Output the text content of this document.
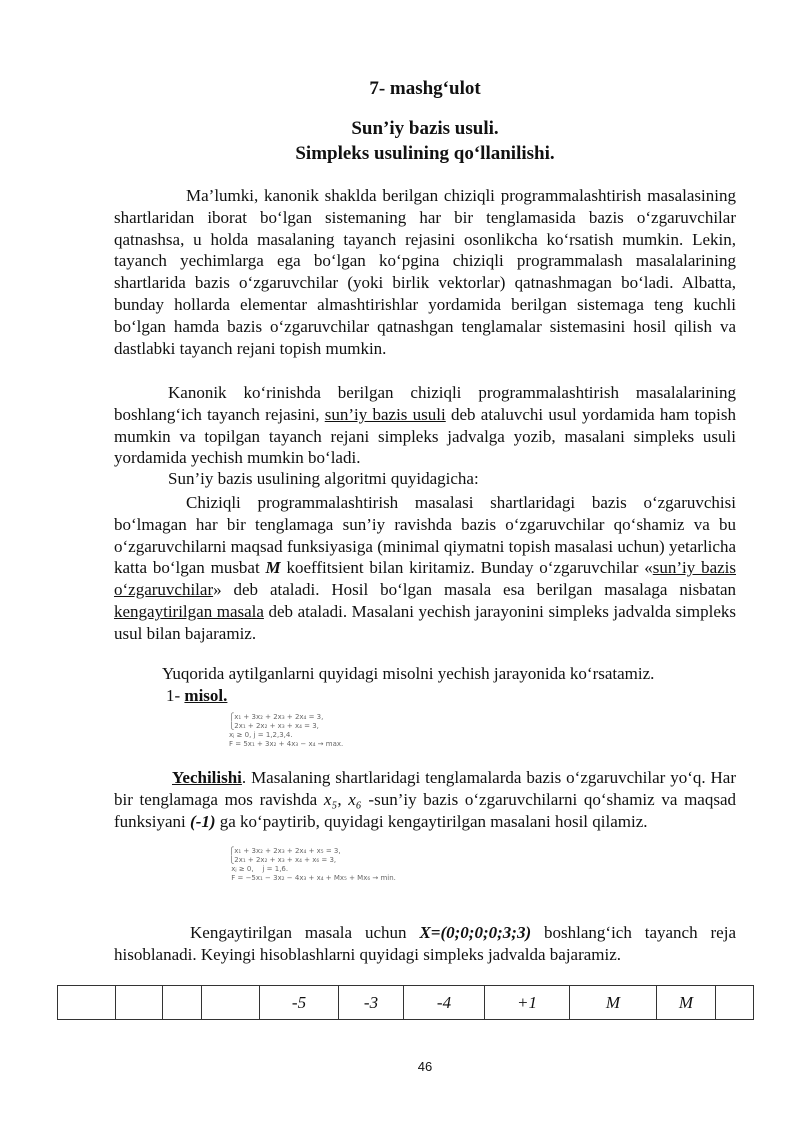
7- mashg‘ulot
Sun’iy bazis usuli.
Simpleks usulining qo‘llanilishi.

Ma’lumki, kanonik shaklda berilgan chiziqli programmalashtirish masalasining shartlaridan iborat bo‘lgan sistemaning har bir tenglamasida bazis o‘zgaruvchilar qatnashsa, u holda masalaning tayanch rejasini osonlikcha ko‘rsatish mumkin. Lekin, tayanch yechimlarga ega bo‘lgan ko‘pgina chiziqli programmalash masalalarining shartlarida bazis o‘zgaruvchilar (yoki birlik vektorlar) qatnashmagan bo‘ladi. Albatta, bunday hollarda elementar almashtirishlar yordamida berilgan sistemaga teng kuchli bo‘lgan hamda bazis o‘zgaruvchilar qatnashgan tenglamalar sistemasini hosil qilish va dastlabki tayanch rejani topish mumkin.

Kanonik ko‘rinishda berilgan chiziqli programmalashtirish masalalarining boshlang‘ich tayanch rejasini, sun’iy bazis usuli deb ataluvchi usul yordamida ham topish mumkin va topilgan tayanch rejani simpleks jadvalga yozib, masalani simpleks usuli yordamida yechish mumkin bo‘ladi.

Sun’iy bazis usulining algoritmi quyidagicha:

Chiziqli programmalashtirish masalasi shartlaridagi bazis o‘zgaruvchisi bo‘lmagan har bir tenglamaga sun’iy ravishda bazis o‘zgaruvchilar qo‘shamiz va bu o‘zgaruvchilarni maqsad funksiyasiga (minimal qiymatni topish masalasi uchun) yetarlicha katta bo‘lgan musbat M koeffitsient bilan kiritamiz. Bunday o‘zgaruvchilar «sun’iy bazis o‘zgaruvchilar» deb ataladi. Hosil bo‘lgan masala esa berilgan masalaga nisbatan kengaytirilgan masala deb ataladi. Masalani yechish jarayonini simpleks jadvalda simpleks usul bilan bajaramiz.

Yuqorida aytilganlarni quyidagi misolni yechish jarayonida ko‘rsatamiz.

1- misol.
⎧x₁ + 3x₂ + 2x₃ + 2x₄ = 3,
⎩2x₁ + 2x₂ + x₃ + x₄ = 3,
xⱼ ≥ 0, j = 1,2,3,4.
F = 5x₁ + 3x₂ + 4x₃ − x₄ → max.

Yechilishi. Masalaning shartlaridagi tenglamalarda bazis o‘zgaruvchilar yo‘q. Har bir tenglamaga mos ravishda x₅, x₆ -sun’iy bazis o‘zgaruvchilarni qo‘shamiz va maqsad funksiyani (-1) ga ko‘paytirib, quyidagi kengaytirilgan masalani hosil qilamiz.

⎧x₁ + 3x₂ + 2x₃ + 2x₄ + x₅ = 3,
⎩2x₁ + 2x₂ + x₃ + x₄ + x₆ = 3,
xⱼ ≥ 0,    j = 1,6.
F = −5x₁ − 3x₂ − 4x₃ + x₄ + Mx₅ + Mx₆ → min.

Kengaytirilgan masala uchun X=(0;0;0;0;3;3) boshlang‘ich tayanch reja hisoblanadi. Keyingi hisoblashlarni quyidagi simpleks jadvalda bajaramiz.

				-5	-3	-4	+1	M	M	
46
